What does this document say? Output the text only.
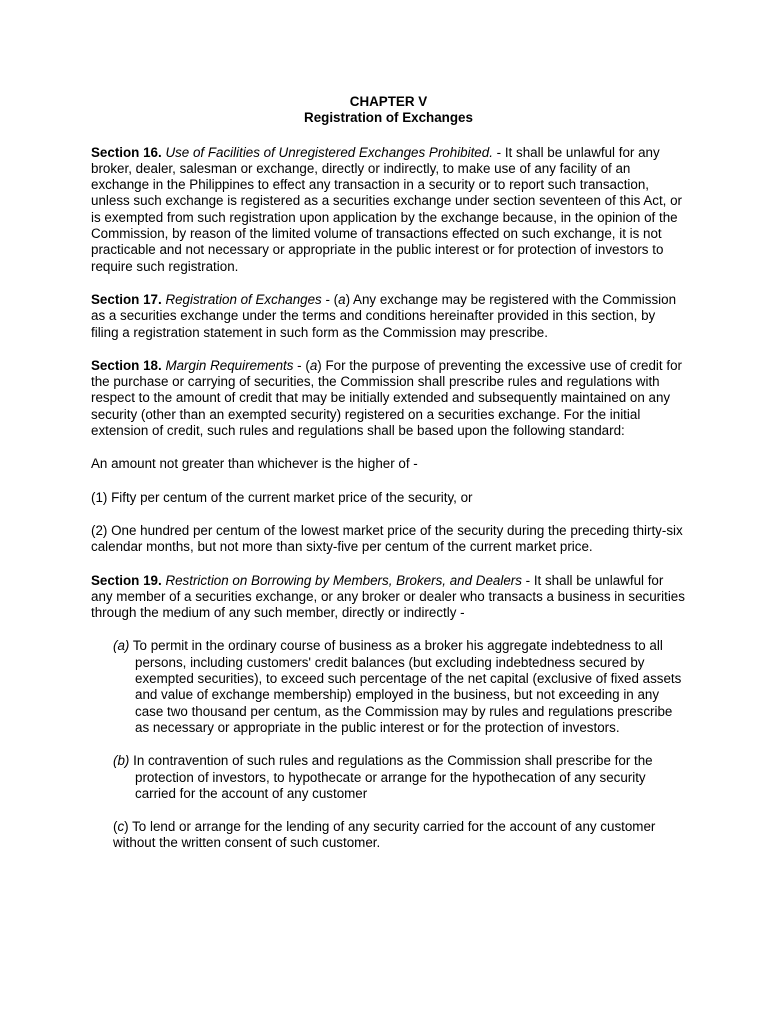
CHAPTER V
Registration of Exchanges

Section 16. Use of Facilities of Unregistered Exchanges Prohibited. - It shall be unlawful for any broker, dealer, salesman or exchange, directly or indirectly, to make use of any facility of an exchange in the Philippines to effect any transaction in a security or to report such transaction, unless such exchange is registered as a securities exchange under section seventeen of this Act, or is exempted from such registration upon application by the exchange because, in the opinion of the Commission, by reason of the limited volume of transactions effected on such exchange, it is not practicable and not necessary or appropriate in the public interest or for protection of investors to require such registration.

Section 17. Registration of Exchanges - (a) Any exchange may be registered with the Commission as a securities exchange under the terms and conditions hereinafter provided in this section, by filing a registration statement in such form as the Commission may prescribe.

Section 18. Margin Requirements - (a) For the purpose of preventing the excessive use of credit for the purchase or carrying of securities, the Commission shall prescribe rules and regulations with respect to the amount of credit that may be initially extended and subsequently maintained on any security (other than an exempted security) registered on a securities exchange. For the initial extension of credit, such rules and regulations shall be based upon the following standard:

An amount not greater than whichever is the higher of -

(1) Fifty per centum of the current market price of the security, or

(2) One hundred per centum of the lowest market price of the security during the preceding thirty-six calendar months, but not more than sixty-five per centum of the current market price.

Section 19. Restriction on Borrowing by Members, Brokers, and Dealers - It shall be unlawful for any member of a securities exchange, or any broker or dealer who transacts a business in securities through the medium of any such member, directly or indirectly -

(a) To permit in the ordinary course of business as a broker his aggregate indebtedness to all persons, including customers' credit balances (but excluding indebtedness secured by exempted securities), to exceed such percentage of the net capital (exclusive of fixed assets and value of exchange membership) employed in the business, but not exceeding in any case two thousand per centum, as the Commission may by rules and regulations prescribe as necessary or appropriate in the public interest or for the protection of investors.
(b) In contravention of such rules and regulations as the Commission shall prescribe for the protection of investors, to hypothecate or arrange for the hypothecation of any security carried for the account of any customer
(c) To lend or arrange for the lending of any security carried for the account of any customer without the written consent of such customer.
